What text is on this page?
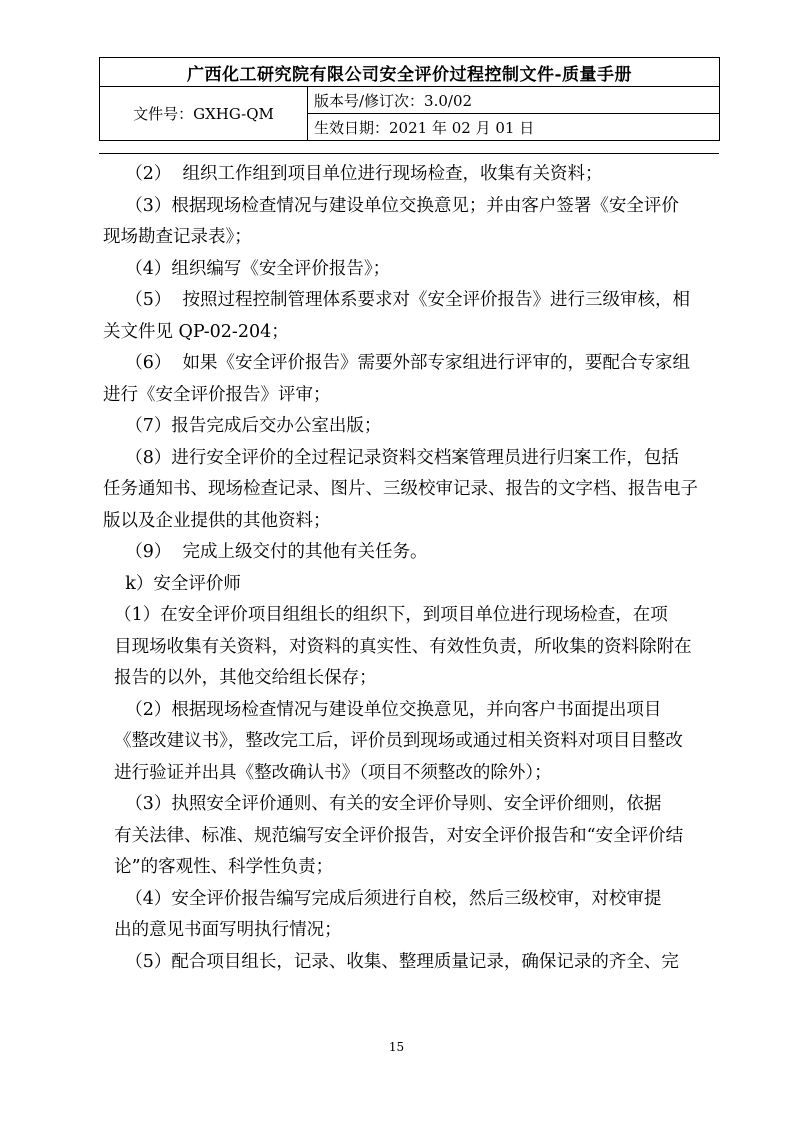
广西化工研究院有限公司安全评价过程控制文件-质量手册
文件号：GXHG-QM	版本号/修订次：3.0/02
生效日期：2021 年 02 月 01 日

（2）  组织工作组到项目单位进行现场检查，收集有关资料；

（3）根据现场检查情况与建设单位交换意见；并由客户签署《安全评价

现场勘查记录表》；

（4）组织编写《安全评价报告》；

（5）  按照过程控制管理体系要求对《安全评价报告》进行三级审核，相

关文件见 QP-02-204；

（6）  如果《安全评价报告》需要外部专家组进行评审的，要配合专家组

进行《安全评价报告》评审；

（7）报告完成后交办公室出版；

（8）进行安全评价的全过程记录资料交档案管理员进行归案工作，包括

任务通知书、现场检查记录、图片、三级校审记录、报告的文字档、报告电子

版以及企业提供的其他资料；

（9）  完成上级交付的其他有关任务。

k）安全评价师

（1）在安全评价项目组组长的组织下，到项目单位进行现场检查，在项

目现场收集有关资料，对资料的真实性、有效性负责，所收集的资料除附在

报告的以外，其他交给组长保存；

（2）根据现场检查情况与建设单位交换意见，并向客户书面提出项目

《整改建议书》，整改完工后，评价员到现场或通过相关资料对项目目整改

进行验证并出具《整改确认书》（项目不须整改的除外）；

（3）执照安全评价通则、有关的安全评价导则、安全评价细则，依据

有关法律、标准、规范编写安全评价报告，对安全评价报告和“安全评价结

论”的客观性、科学性负责；

（4）安全评价报告编写完成后须进行自校，然后三级校审，对校审提

出的意见书面写明执行情况；

（5）配合项目组长，记录、收集、整理质量记录，确保记录的齐全、完

15
